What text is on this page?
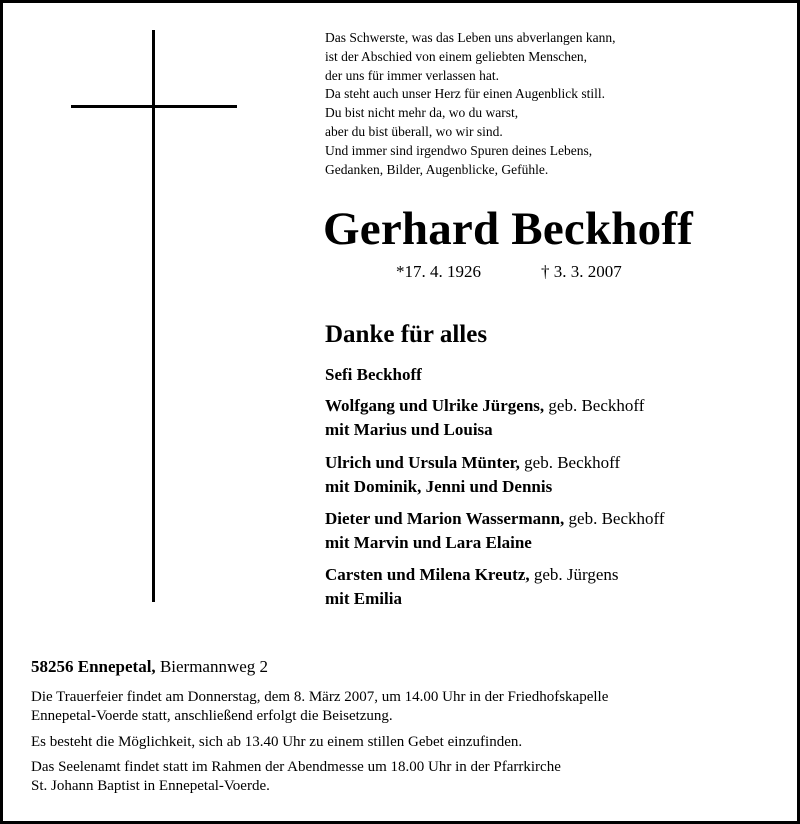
Das Schwerste, was das Leben uns abverlangen kann,
ist der Abschied von einem geliebten Menschen,
der uns für immer verlassen hat.
Da steht auch unser Herz für einen Augenblick still.
Du bist nicht mehr da, wo du warst,
aber du bist überall, wo wir sind.
Und immer sind irgendwo Spuren deines Lebens,
Gedanken, Bilder, Augenblicke, Gefühle.
Gerhard Beckhoff
*17. 4. 1926	† 3. 3. 2007
Danke für alles
Sefi Beckhoff
Wolfgang und Ulrike Jürgens, geb. Beckhoff
mit Marius und Louisa
Ulrich und Ursula Münter, geb. Beckhoff
mit Dominik, Jenni und Dennis
Dieter und Marion Wassermann, geb. Beckhoff
mit Marvin und Lara Elaine
Carsten und Milena Kreutz, geb. Jürgens
mit Emilia
58256 Ennepetal, Biermannweg 2
Die Trauerfeier findet am Donnerstag, dem 8. März 2007, um 14.00 Uhr in der Friedhofskapelle
Ennepetal-Voerde statt, anschließend erfolgt die Beisetzung.
Es besteht die Möglichkeit, sich ab 13.40 Uhr zu einem stillen Gebet einzufinden.
Das Seelenamt findet statt im Rahmen der Abendmesse um 18.00 Uhr in der Pfarrkirche
St. Johann Baptist in Ennepetal-Voerde.
